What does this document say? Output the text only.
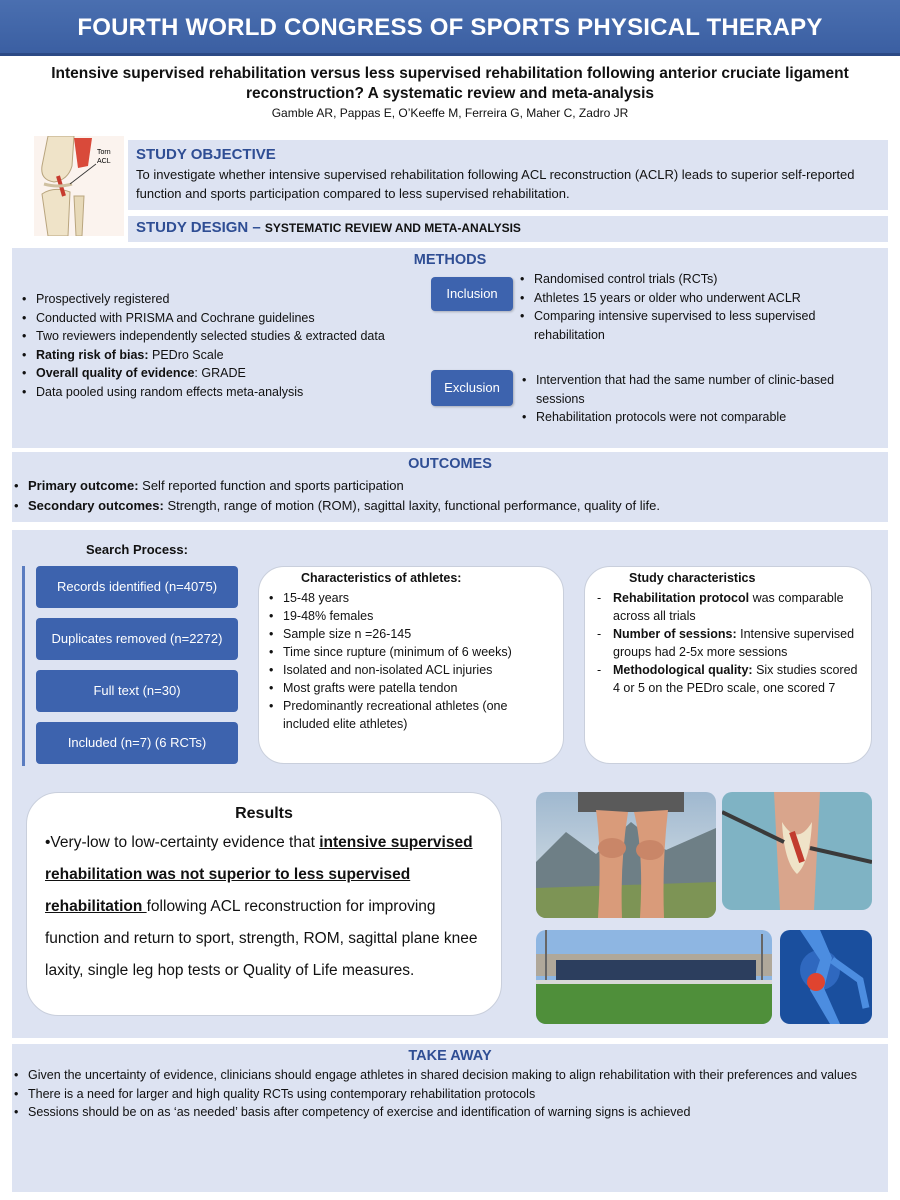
FOURTH WORLD CONGRESS OF SPORTS PHYSICAL THERAPY
Intensive supervised rehabilitation versus less supervised rehabilitation following anterior cruciate ligament reconstruction? A systematic review and meta-analysis
Gamble AR, Pappas E, O’Keeffe M, Ferreira G, Maher C, Zadro JR
Torn
ACL STUDY OBJECTIVE
To investigate whether intensive supervised rehabilitation following ACL reconstruction (ACLR) leads to superior self-reported function and sports participation compared to less supervised rehabilitation.
STUDY DESIGN – SYSTEMATIC REVIEW AND META-ANALYSIS
METHODS
• Prospectively registered
• Conducted with PRISMA and Cochrane guidelines
• Two reviewers independently selected studies & extracted data
• Rating risk of bias: PEDro Scale
• Overall quality of evidence: GRADE
• Data pooled using random effects meta-analysis
Inclusion
• Randomised control trials (RCTs)
• Athletes 15 years or older who underwent ACLR
• Comparing intensive supervised to less supervised rehabilitation
Exclusion
•	Intervention that had the same number of clinic-based sessions
• Rehabilitation protocols were not comparable
OUTCOMES
• Primary outcome: Self reported function and sports participation
• Secondary outcomes: Strength, range of motion (ROM), sagittal laxity, functional performance, quality of life.
Search Process:
Records identified (n=4075)
Duplicates removed (n=2272)
Full text (n=30)
Included (n=7) (6 RCTs)
Characteristics of athletes:
• 15-48 years
• 19-48% females
• Sample size n =26-145
• Time since rupture (minimum of 6 weeks)
• Isolated and non-isolated ACL injuries
• Most grafts were patella tendon
• Predominantly recreational athletes (one included elite athletes)
Study characteristics
- Rehabilitation protocol was comparable across all trials
- Number of sessions: Intensive supervised groups had 2-5x more sessions
- Methodological quality: Six studies scored 4 or 5 on the PEDro scale, one scored 7
Results
•Very-low to low-certainty evidence that intensive supervised rehabilitation was not superior to less supervised rehabilitation following ACL reconstruction for improving function and return to sport, strength, ROM, sagittal plane knee laxity, single leg hop tests or Quality of Life measures.
TAKE AWAY
• Given the uncertainty of evidence, clinicians should engage athletes in shared decision making to align rehabilitation with their preferences and values
• There is a need for larger and high quality RCTs using contemporary rehabilitation protocols
• Sessions should be on as ‘as needed’ basis after competency of exercise and identification of warning signs is achieved
